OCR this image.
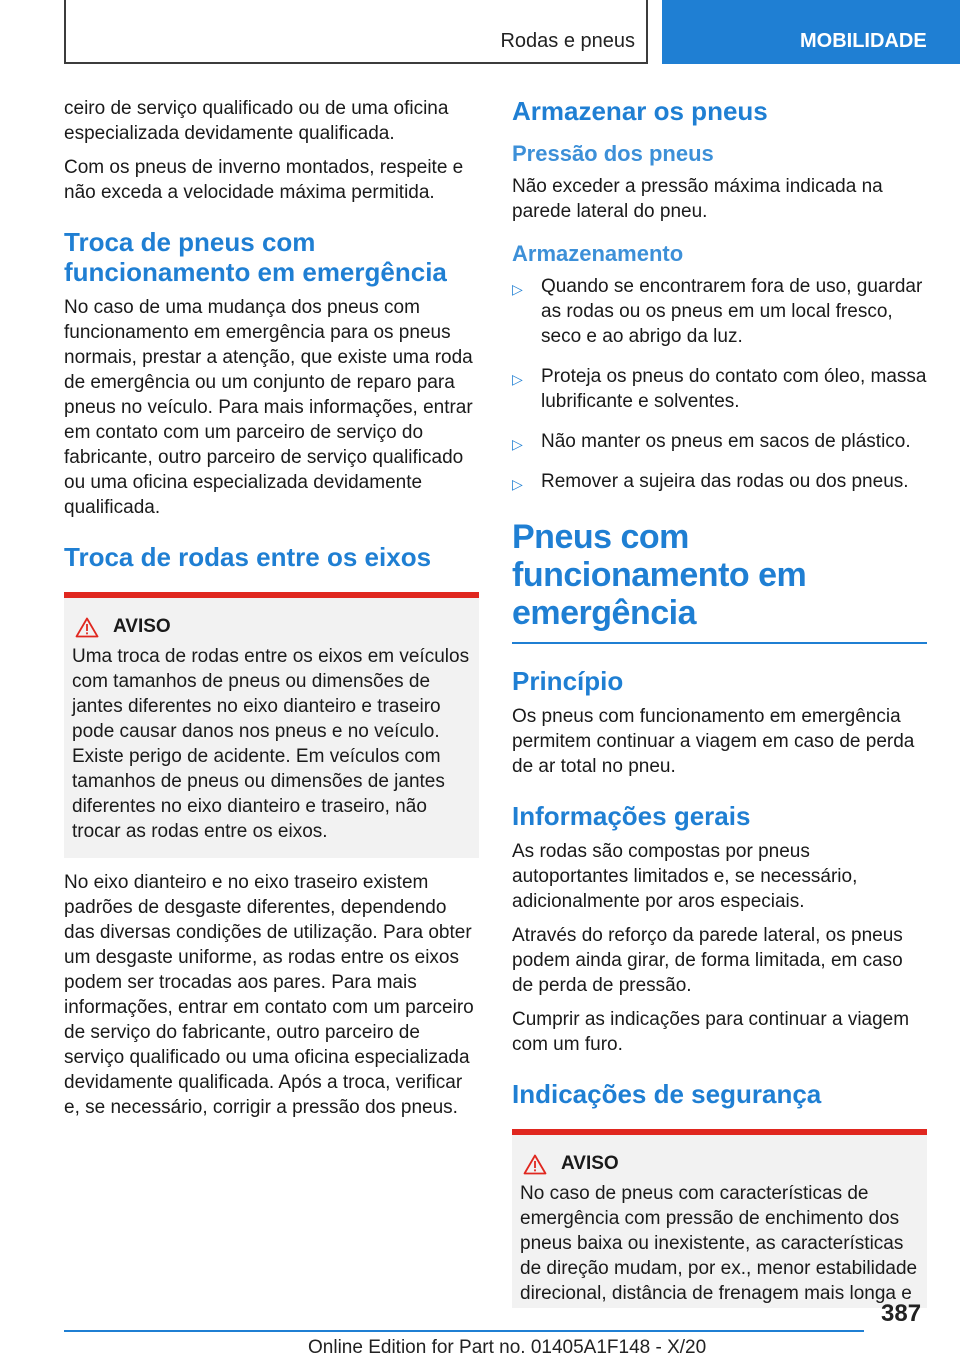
Rodas e pneus	MOBILIDADE

ceiro de serviço qualificado ou de uma oficina especializada devidamente qualificada.

Com os pneus de inverno montados, respeite e não exceda a velocidade máxima permitida.

Troca de pneus com funcionamento em emergência

No caso de uma mudança dos pneus com funcionamento em emergência para os pneus normais, prestar a atenção, que existe uma roda de emergência ou um conjunto de reparo para pneus no veículo. Para mais informações, entrar em contato com um parceiro de serviço do fabricante, outro parceiro de serviço qualificado ou uma oficina especializada devidamente qualificada.

Troca de rodas entre os eixos
AVISO

Uma troca de rodas entre os eixos em veículos com tamanhos de pneus ou dimensões de jantes diferentes no eixo dianteiro e traseiro pode causar danos nos pneus e no veículo. Existe perigo de acidente. Em veículos com tamanhos de pneus ou dimensões de jantes diferentes no eixo dianteiro e traseiro, não trocar as rodas entre os eixos.

No eixo dianteiro e no eixo traseiro existem padrões de desgaste diferentes, dependendo das diversas condições de utilização. Para obter um desgaste uniforme, as rodas entre os eixos podem ser trocadas aos pares. Para mais informações, entrar em contato com um parceiro de serviço do fabricante, outro parceiro de serviço qualificado ou uma oficina especializada devidamente qualificada. Após a troca, verificar e, se necessário, corrigir a pressão dos pneus.

Armazenar os pneus
Pressão dos pneus

Não exceder a pressão máxima indicada na parede lateral do pneu.

Armazenamento
▷ Quando se encontrarem fora de uso, guardar as rodas ou os pneus em um local fresco, seco e ao abrigo da luz.
▷ Proteja os pneus do contato com óleo, massa lubrificante e solventes.
▷ Não manter os pneus em sacos de plástico.
▷ Remover a sujeira das rodas ou dos pneus.
Pneus com funcionamento em emergência
Princípio

Os pneus com funcionamento em emergência permitem continuar a viagem em caso de perda de ar total no pneu.

Informações gerais

As rodas são compostas por pneus autoportantes limitados e, se necessário, adicionalmente por aros especiais.

Através do reforço da parede lateral, os pneus podem ainda girar, de forma limitada, em caso de perda de pressão.

Cumprir as indicações para continuar a viagem com um furo.

Indicações de segurança
AVISO

No caso de pneus com características de emergência com pressão de enchimento dos pneus baixa ou inexistente, as características de direção mudam, por ex., menor estabilidade direcional, distância de frenagem mais longa e

387
Online Edition for Part no. 01405A1F148 - X/20
